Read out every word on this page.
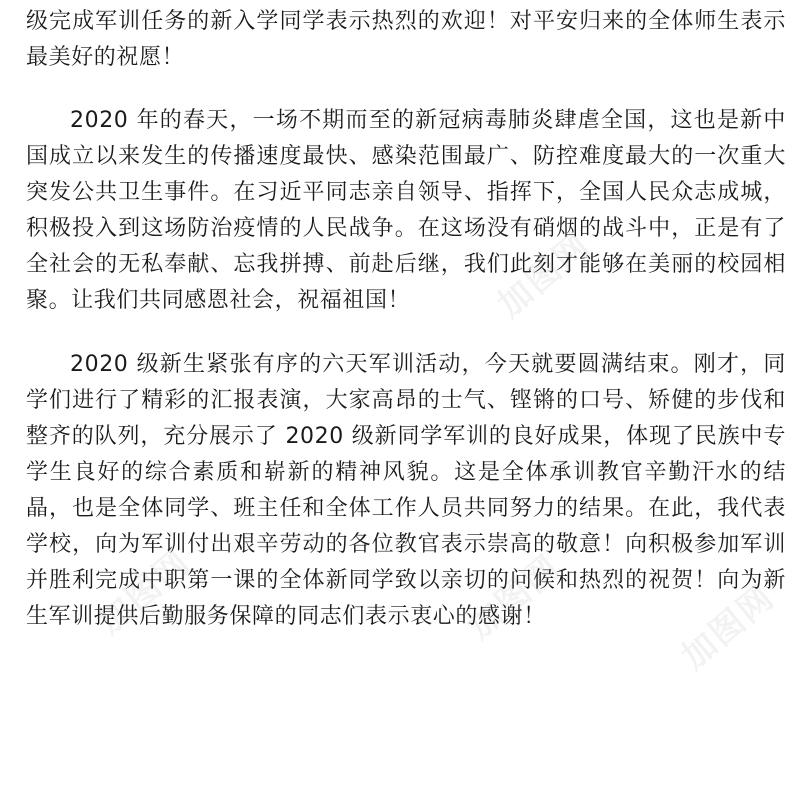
级完成军训任务的新入学同学表示热烈的欢迎！对平安归来的全体师生表示最美好的祝愿！

2020 年的春天，一场不期而至的新冠病毒肺炎肆虐全国，这也是新中国成立以来发生的传播速度最快、感染范围最广、防控难度最大的一次重大突发公共卫生事件。在习近平同志亲自领导、指挥下，全国人民众志成城，积极投入到这场防治疫情的人民战争。在这场没有硝烟的战斗中，正是有了全社会的无私奉献、忘我拼搏、前赴后继，我们此刻才能够在美丽的校园相聚。让我们共同感恩社会，祝福祖国！

2020 级新生紧张有序的六天军训活动，今天就要圆满结束。刚才，同学们进行了精彩的汇报表演，大家高昂的士气、铿锵的口号、矫健的步伐和整齐的队列，充分展示了 2020 级新同学军训的良好成果，体现了民族中专学生良好的综合素质和崭新的精神风貌。这是全体承训教官辛勤汗水的结晶，也是全体同学、班主任和全体工作人员共同努力的结果。在此，我代表学校，向为军训付出艰辛劳动的各位教官表示崇高的敬意！向积极参加军训并胜利完成中职第一课的全体新同学致以亲切的问候和热烈的祝贺！向为新生军训提供后勤服务保障的同志们表示衷心的感谢！

加图网
加图网	加图网	加图网
